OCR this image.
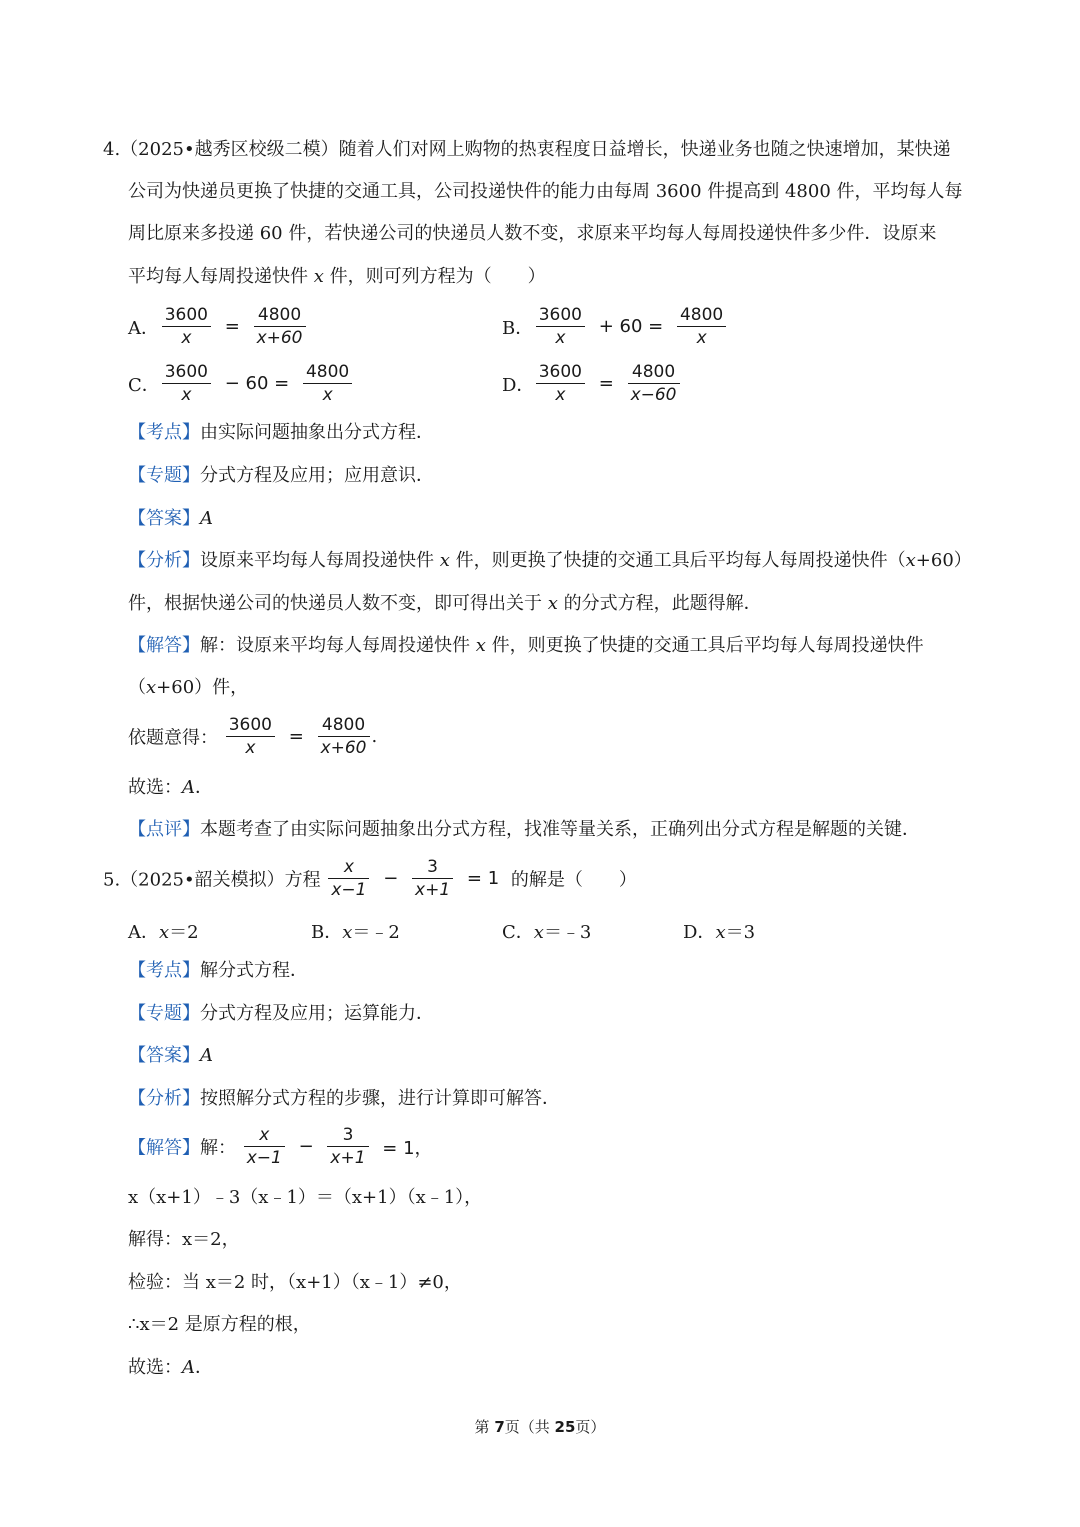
4.（2025•越秀区校级二模）随着人们对网上购物的热衷程度日益增长，快递业务也随之快速增加，某快递
公司为快递员更换了快捷的交通工具，公司投递快件的能力由每周 3600 件提高到 4800 件，平均每人每
周比原来多投递 60 件，若快递公司的快递员人数不变，求原来平均每人每周投递快件多少件．设原来
平均每人每周投递快件 x 件，则可列方程为（　　）
A． $\frac{3600}{x} = \frac{4800}{x+60}$	B． $\frac{3600}{x} + 60 = \frac{4800}{x}$
C． $\frac{3600}{x} - 60 = \frac{4800}{x}$	D． $\frac{3600}{x} = \frac{4800}{x-60}$
【考点】由实际问题抽象出分式方程．
【专题】分式方程及应用；应用意识．
【答案】A
【分析】设原来平均每人每周投递快件 x 件，则更换了快捷的交通工具后平均每人每周投递快件（x+60）
件，根据快递公司的快递员人数不变，即可得出关于 x 的分式方程，此题得解．
【解答】解：设原来平均每人每周投递快件 x 件，则更换了快捷的交通工具后平均每人每周投递快件
（x+60）件，
依题意得： $\frac{3600}{x} = \frac{4800}{x+60}$ .
故选：A．
【点评】本题考查了由实际问题抽象出分式方程，找准等量关系，正确列出分式方程是解题的关键．
5.（2025•韶关模拟）方程 $\frac{x}{x-1} - \frac{3}{x+1} = 1$ 的解是（　　）
A．x＝2	B．x＝﹣2	C．x＝﹣3	D．x＝3
【考点】解分式方程．
【专题】分式方程及应用；运算能力．
【答案】A
【分析】按照解分式方程的步骤，进行计算即可解答．
【解答】解： $\frac{x}{x-1} - \frac{3}{x+1} = 1$，
x（x+1）﹣3（x﹣1）＝（x+1）（x﹣1），
解得：x＝2，
检验：当 x＝2 时，（x+1）（x﹣1）≠0，
∴x＝2 是原方程的根，
故选：A．
第 7页（共 25页）
